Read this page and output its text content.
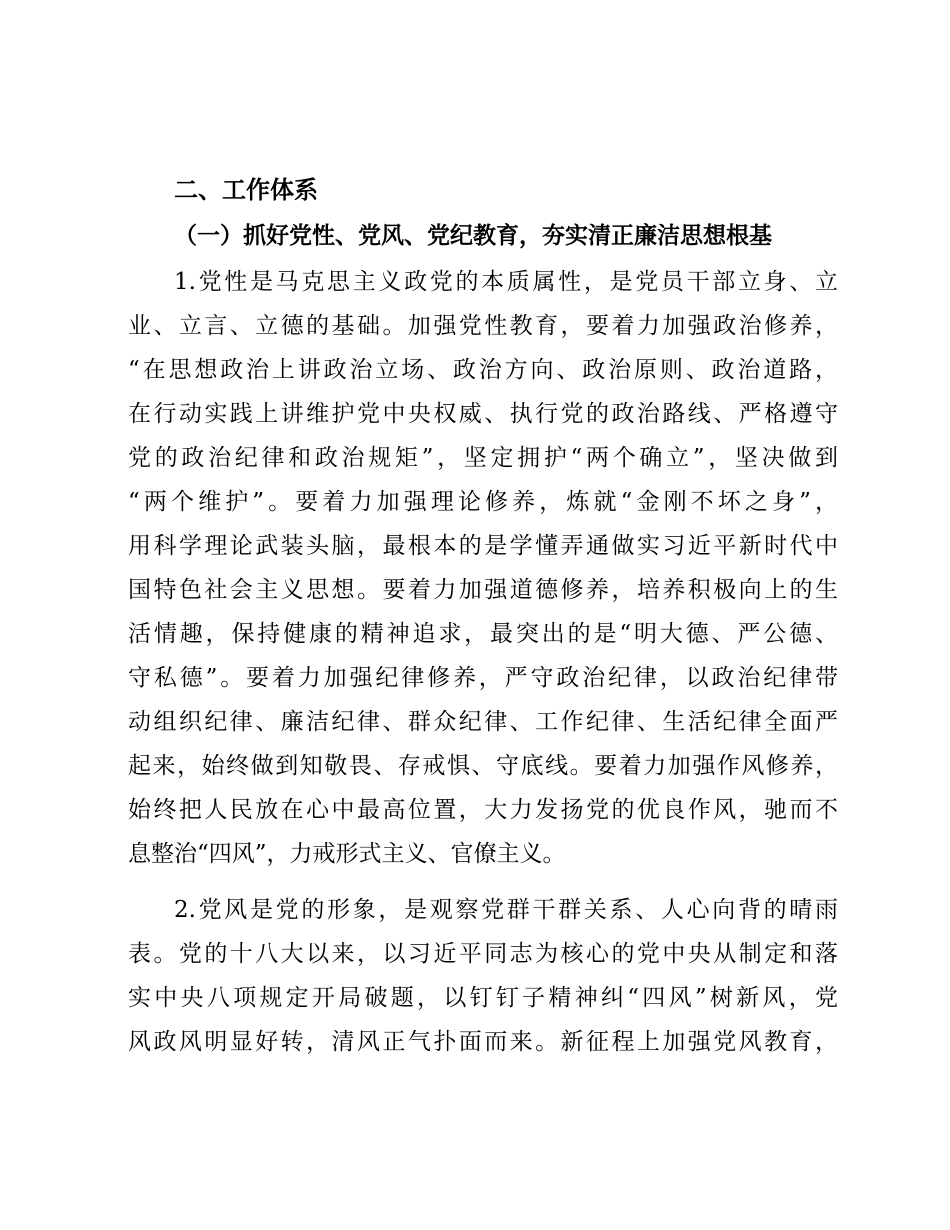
二、工作体系
（一）抓好党性、党风、党纪教育，夯实清正廉洁思想根基
1.党性是马克思主义政党的本质属性，是党员干部立身、立
业、立言、立德的基础。加强党性教育，要着力加强政治修养，
“在思想政治上讲政治立场、政治方向、政治原则、政治道路，
在行动实践上讲维护党中央权威、执行党的政治路线、严格遵守
党的政治纪律和政治规矩”，坚定拥护“两个确立”，坚决做到
“两个维护”。要着力加强理论修养，炼就“金刚不坏之身”，
用科学理论武装头脑，最根本的是学懂弄通做实习近平新时代中
国特色社会主义思想。要着力加强道德修养，培养积极向上的生
活情趣，保持健康的精神追求，最突出的是“明大德、严公德、
守私德”。要着力加强纪律修养，严守政治纪律，以政治纪律带
动组织纪律、廉洁纪律、群众纪律、工作纪律、生活纪律全面严
起来，始终做到知敬畏、存戒惧、守底线。要着力加强作风修养，
始终把人民放在心中最高位置，大力发扬党的优良作风，驰而不
息整治“四风”，力戒形式主义、官僚主义。
2.党风是党的形象，是观察党群干群关系、人心向背的晴雨
表。党的十八大以来，以习近平同志为核心的党中央从制定和落
实中央八项规定开局破题，以钉钉子精神纠“四风”树新风，党
风政风明显好转，清风正气扑面而来。新征程上加强党风教育，
